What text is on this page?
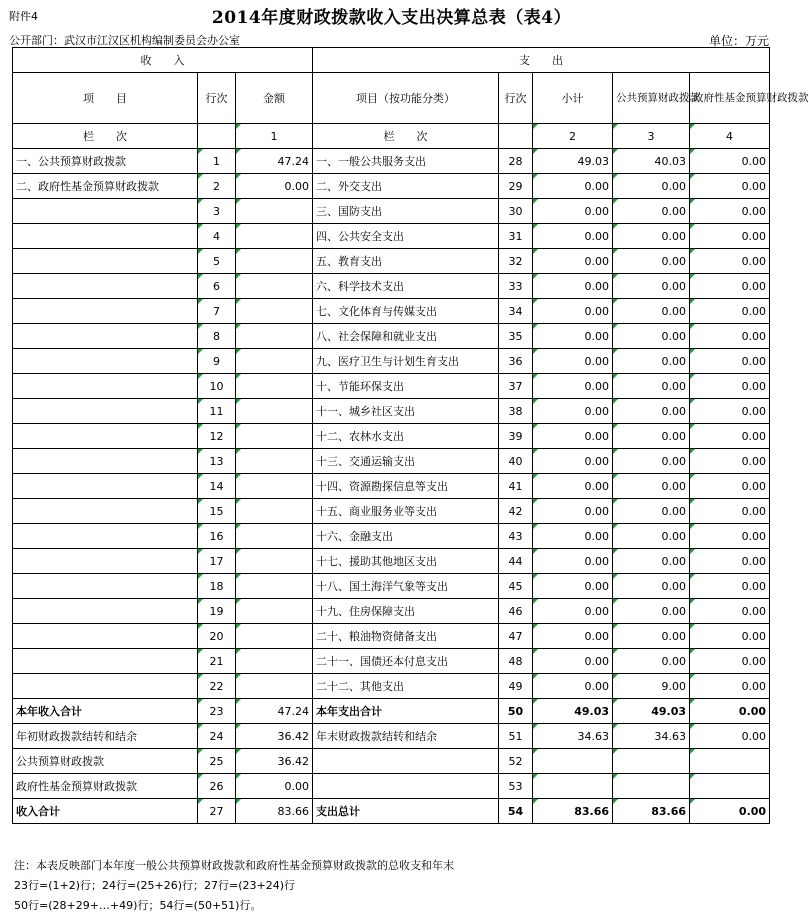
附件4	2014年度财政拨款收入支出决算总表（表4）
公开部门：武汉市江汉区机构编制委员会办公室	单位：万元
收　　入			支　　出				
项　　目	行次	金额	项目（按功能分类）	行次	小计	公共预算财政拨款	政府性基金预算财政拨款
栏　　次		1	栏　　次		2	3	4
一、公共预算财政拨款	1	47.24	一、一般公共服务支出	28	49.03	40.03	0.00
二、政府性基金预算财政拨款	2	0.00	二、外交支出	29	0.00	0.00	0.00
	3		三、国防支出	30	0.00	0.00	0.00
	4		四、公共安全支出	31	0.00	0.00	0.00
	5		五、教育支出	32	0.00	0.00	0.00
	6		六、科学技术支出	33	0.00	0.00	0.00
	7		七、文化体育与传媒支出	34	0.00	0.00	0.00
	8		八、社会保障和就业支出	35	0.00	0.00	0.00
	9		九、医疗卫生与计划生育支出	36	0.00	0.00	0.00
	10		十、节能环保支出	37	0.00	0.00	0.00
	11		十一、城乡社区支出	38	0.00	0.00	0.00
	12		十二、农林水支出	39	0.00	0.00	0.00
	13		十三、交通运输支出	40	0.00	0.00	0.00
	14		十四、资源勘探信息等支出	41	0.00	0.00	0.00
	15		十五、商业服务业等支出	42	0.00	0.00	0.00
	16		十六、金融支出	43	0.00	0.00	0.00
	17		十七、援助其他地区支出	44	0.00	0.00	0.00
	18		十八、国土海洋气象等支出	45	0.00	0.00	0.00
	19		十九、住房保障支出	46	0.00	0.00	0.00
	20		二十、粮油物资储备支出	47	0.00	0.00	0.00
	21		二十一、国债还本付息支出	48	0.00	0.00	0.00
	22		二十二、其他支出	49	0.00	9.00	0.00
本年收入合计	23	47.24	本年支出合计	50	49.03	49.03	0.00
年初财政拨款结转和结余	24	36.42	年末财政拨款结转和结余	51	34.63	34.63	0.00
公共预算财政拨款	25	36.42		52			
政府性基金预算财政拨款	26	0.00		53			
收入合计	27	83.66	支出总计	54	83.66	83.66	0.00
注：本表反映部门本年度一般公共预算财政拨款和政府性基金预算财政拨款的总收支和年末
23行=(1+2)行；24行=(25+26)行；27行=(23+24)行
50行=(28+29+…+49)行；54行=(50+51)行。
